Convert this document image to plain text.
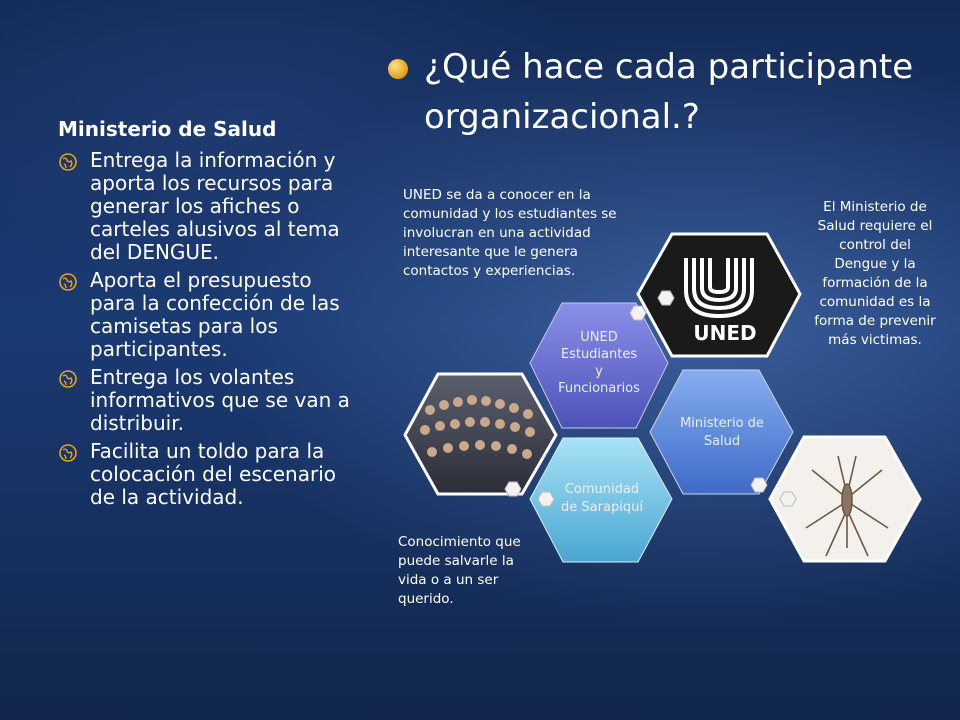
¿Qué hace cada participante organizacional.?
Ministerio de Salud
Entrega la información y aporta los recursos para generar los afiches o carteles alusivos al tema del DENGUE.
Aporta el presupuesto para la confección de las camisetas para los participantes.
Entrega los volantes informativos que se van a distribuir.
Facilita un toldo para la colocación del escenario de la actividad.
UNED
UNED
Estudiantes
y
Funcionarios
Ministerio de
Salud
Comunidad
de Sarapiquí
UNED se da a conocer en la comunidad y los estudiantes se involucran en una actividad interesante que le genera contactos y experiencias.
El Ministerio de Salud requiere el control del Dengue y la formación de la comunidad es la forma de prevenir más victimas.
Conocimiento que puede salvarle la vida o a un ser querido.
